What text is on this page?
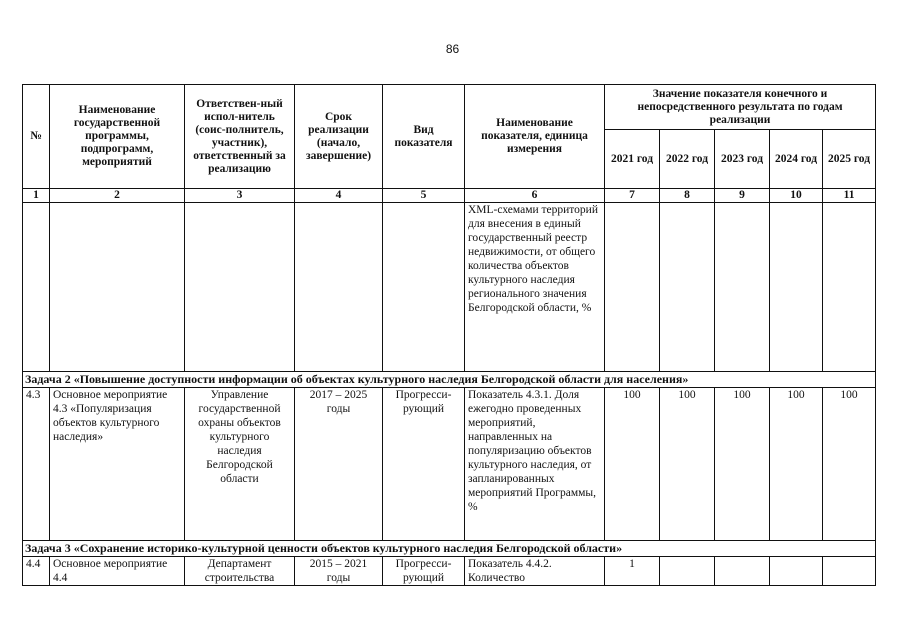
86
№	Наименование государственной программы, подпрограмм, мероприятий	Ответствен-ный испол-нитель (соис-полнитель, участник), ответственный за реализацию	Срок реализации (начало, завершение)	Вид показателя	Наименование показателя, единица измерения	Значение показателя конечного и непосредственного результата по годам реализации				
						2021 год	2022 год	2023 год	2024 год	2025 год
1	2	3	4	5	6	7	8	9	10	11
					XML-схемами территорий для внесения в единый государственный реестр недвижимости, от общего количества объектов культурного наследия регионального значения Белгородской области, %					
Задача 2 «Повышение доступности информации об объектах культурного наследия Белгородской области для населения»										
4.3	Основное мероприятие 4.3 «Популяризация объектов культурного наследия»	Управление государственной охраны объектов культурного наследия Белгородской области	2017 – 2025 годы	Прогресси-рующий	Показатель 4.3.1. Доля ежегодно проведенных мероприятий, направленных на популяризацию объектов культурного наследия, от запланированных мероприятий Программы, %	100	100	100	100	100
Задача 3 «Сохранение историко-культурной ценности объектов культурного наследия Белгородской области»										
4.4	Основное мероприятие 4.4	Департамент строительства	2015 – 2021 годы	Прогресси-рующий	Показатель 4.4.2. Количество	1				
